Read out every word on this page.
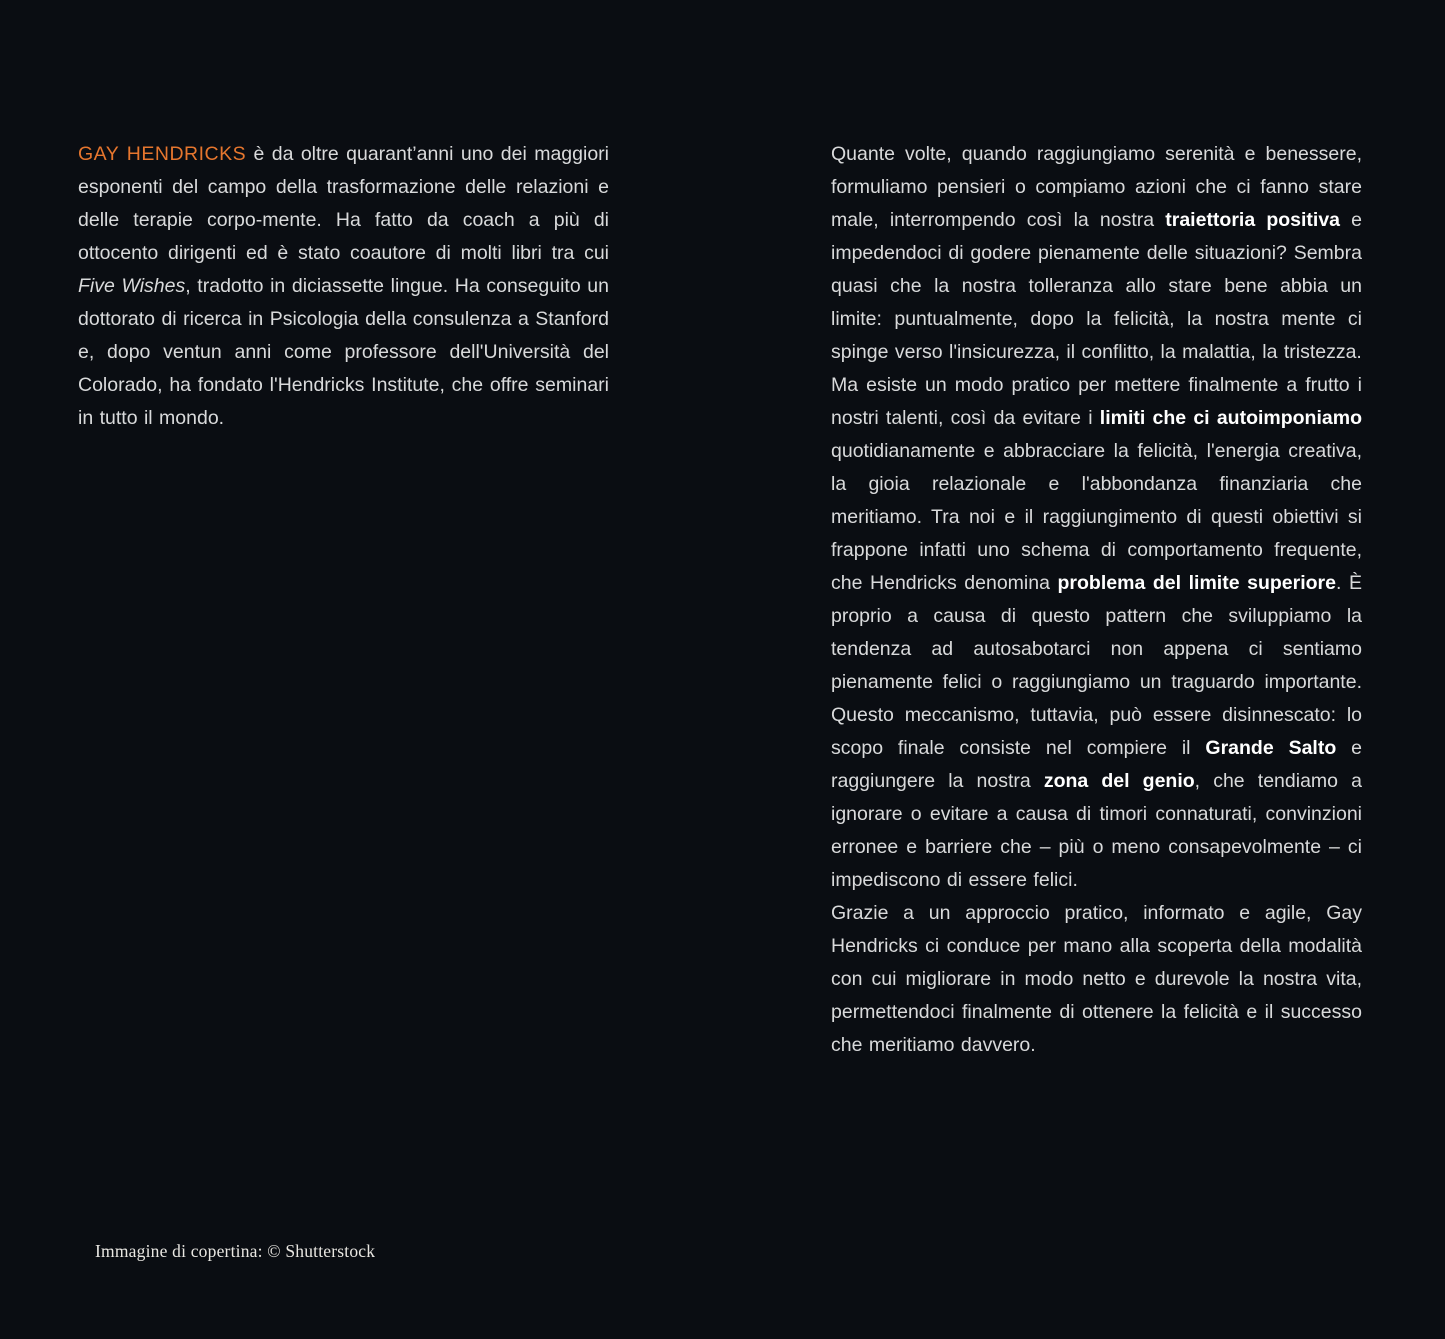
GAY HENDRICKS è da oltre quarant’anni uno dei maggiori esponenti del campo della trasformazione delle relazioni e delle terapie corpo-mente. Ha fatto da coach a più di ottocento dirigenti ed è stato coautore di molti libri tra cui Five Wishes, tradotto in diciassette lingue. Ha conseguito un dottorato di ricerca in Psicologia della consulenza a Stanford e, dopo ventun anni come professore dell'Università del Colorado, ha fondato l'Hendricks Institute, che offre seminari in tutto il mondo.

Quante volte, quando raggiungiamo serenità e benessere, formuliamo pensieri o compiamo azioni che ci fanno stare male, interrompendo così la nostra traiettoria positiva e impedendoci di godere pienamente delle situazioni? Sembra quasi che la nostra tolleranza allo stare bene abbia un limite: puntualmente, dopo la felicità, la nostra mente ci spinge verso l'insicurezza, il conflitto, la malattia, la tristezza.

Ma esiste un modo pratico per mettere finalmente a frutto i nostri talenti, così da evitare i limiti che ci autoimponiamo quotidianamente e abbracciare la felicità, l'energia creativa, la gioia relazionale e l'abbondanza finanziaria che meritiamo. Tra noi e il raggiungimento di questi obiettivi si frappone infatti uno schema di comportamento frequente, che Hendricks denomina problema del limite superiore. È proprio a causa di questo pattern che sviluppiamo la tendenza ad autosabotarci non appena ci sentiamo pienamente felici o raggiungiamo un traguardo importante. Questo meccanismo, tuttavia, può essere disinnescato: lo scopo finale consiste nel compiere il Grande Salto e raggiungere la nostra zona del genio, che tendiamo a ignorare o evitare a causa di timori connaturati, convinzioni erronee e barriere che – più o meno consapevolmente – ci impediscono di essere felici.

Grazie a un approccio pratico, informato e agile, Gay Hendricks ci conduce per mano alla scoperta della modalità con cui migliorare in modo netto e durevole la nostra vita, permettendoci finalmente di ottenere la felicità e il successo che meritiamo davvero.

Immagine di copertina: © Shutterstock
